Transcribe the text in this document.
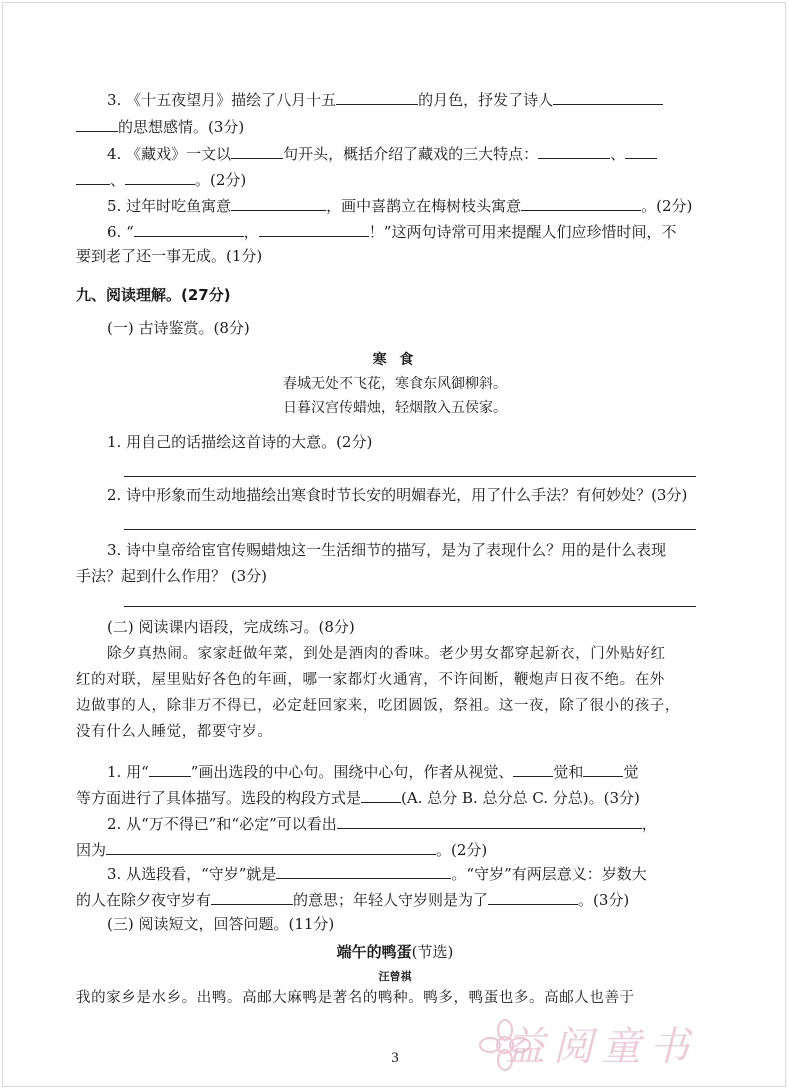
3. 《十五夜望月》描绘了八月十五	的月色，抒发了诗人
的思想感情。(3分)
4. 《藏戏》一文以	句开头，概括介绍了藏戏的三大特点：	、
、	。(2分)
5. 过年时吃鱼寓意	，画中喜鹊立在梅树枝头寓意	。(2分)
6. “	，	！”这两句诗常可用来提醒人们应珍惜时间，不
要到老了还一事无成。(1分)
九、阅读理解。(27分)
(一) 古诗鉴赏。(8分)
寒 食
春城无处不飞花，寒食东风御柳斜。
日暮汉宫传蜡烛，轻烟散入五侯家。
1. 用自己的话描绘这首诗的大意。(2分)
2. 诗中形象而生动地描绘出寒食时节长安的明媚春光，用了什么手法？有何妙处？(3分)
3. 诗中皇帝给宦官传赐蜡烛这一生活细节的描写，是为了表现什么？用的是什么表现
手法？起到什么作用？ (3分)
(二) 阅读课内语段，完成练习。(8分)
除夕真热闹。家家赶做年菜，到处是酒肉的香味。老少男女都穿起新衣，门外贴好红
红的对联，屋里贴好各色的年画，哪一家都灯火通宵，不许间断，鞭炮声日夜不绝。在外
边做事的人，除非万不得已，必定赶回家来，吃团圆饭，祭祖。这一夜，除了很小的孩子，
没有什么人睡觉，都要守岁。
1. 用“	”画出选段的中心句。围绕中心句，作者从视觉、	觉和	觉
等方面进行了具体描写。选段的构段方式是	(A. 总分 B. 总分总 C. 分总)。(3分)
2. 从“万不得已”和“必定”可以看出	，
因为	。(2分)
3. 从选段看，“守岁”就是	。“守岁”有两层意义：岁数大
的人在除夕夜守岁有	的意思；年轻人守岁则是为了	。(3分)
(三) 阅读短文，回答问题。(11分)
端午的鸭蛋(节选)
汪曾祺
我的家乡是水乡。出鸭。高邮大麻鸭是著名的鸭种。鸭多，鸭蛋也多。高邮人也善于
益阅童书
3
